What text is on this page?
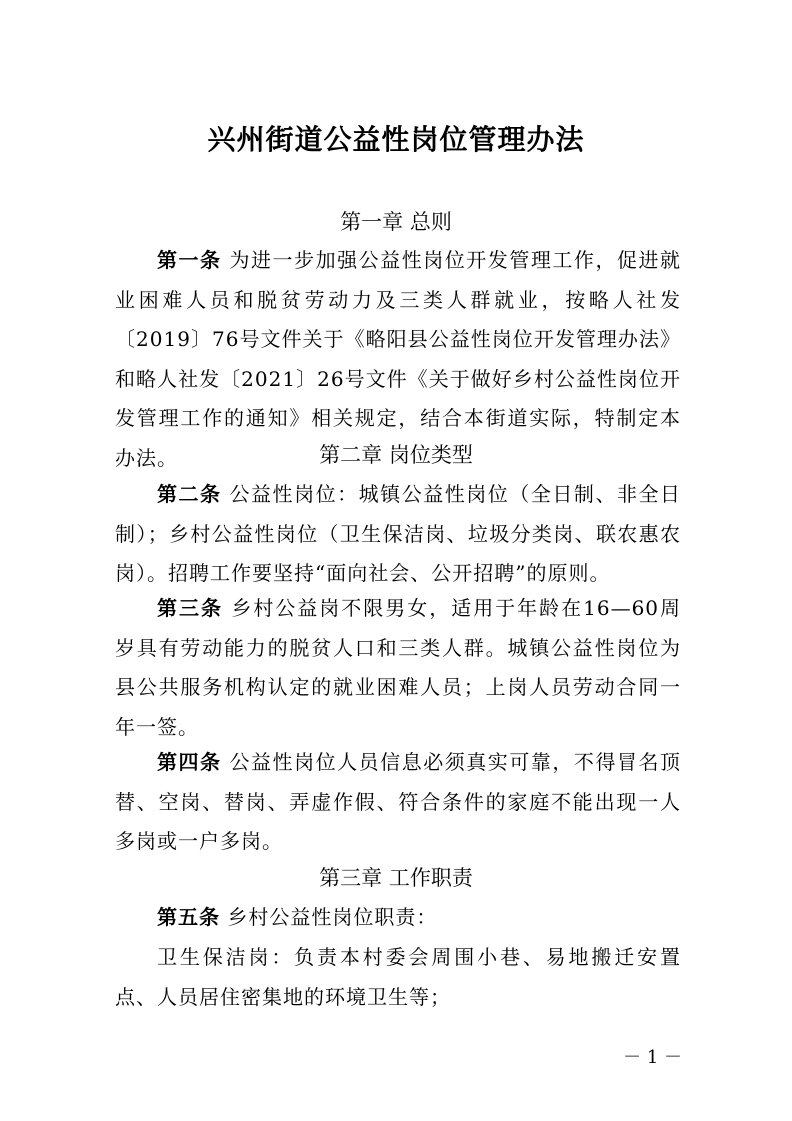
兴州街道公益性岗位管理办法
第一章 总则
第一条 为进一步加强公益性岗位开发管理工作，促进就业困难人员和脱贫劳动力及三类人群就业，按略人社发〔2019〕76号文件关于《略阳县公益性岗位开发管理办法》和略人社发〔2021〕26号文件《关于做好乡村公益性岗位开发管理工作的通知》相关规定，结合本街道实际，特制定本办法。	第二章 岗位类型
第二条 公益性岗位：城镇公益性岗位（全日制、非全日制）；乡村公益性岗位（卫生保洁岗、垃圾分类岗、联农惠农岗）。招聘工作要坚持“面向社会、公开招聘”的原则。
第三条 乡村公益岗不限男女，适用于年龄在16—60周岁具有劳动能力的脱贫人口和三类人群。城镇公益性岗位为县公共服务机构认定的就业困难人员；上岗人员劳动合同一年一签。
第四条 公益性岗位人员信息必须真实可靠，不得冒名顶替、空岗、替岗、弄虚作假、符合条件的家庭不能出现一人多岗或一户多岗。
第三章 工作职责
第五条 乡村公益性岗位职责：
卫生保洁岗：负责本村委会周围小巷、易地搬迁安置点、人员居住密集地的环境卫生等；
－ 1 －
